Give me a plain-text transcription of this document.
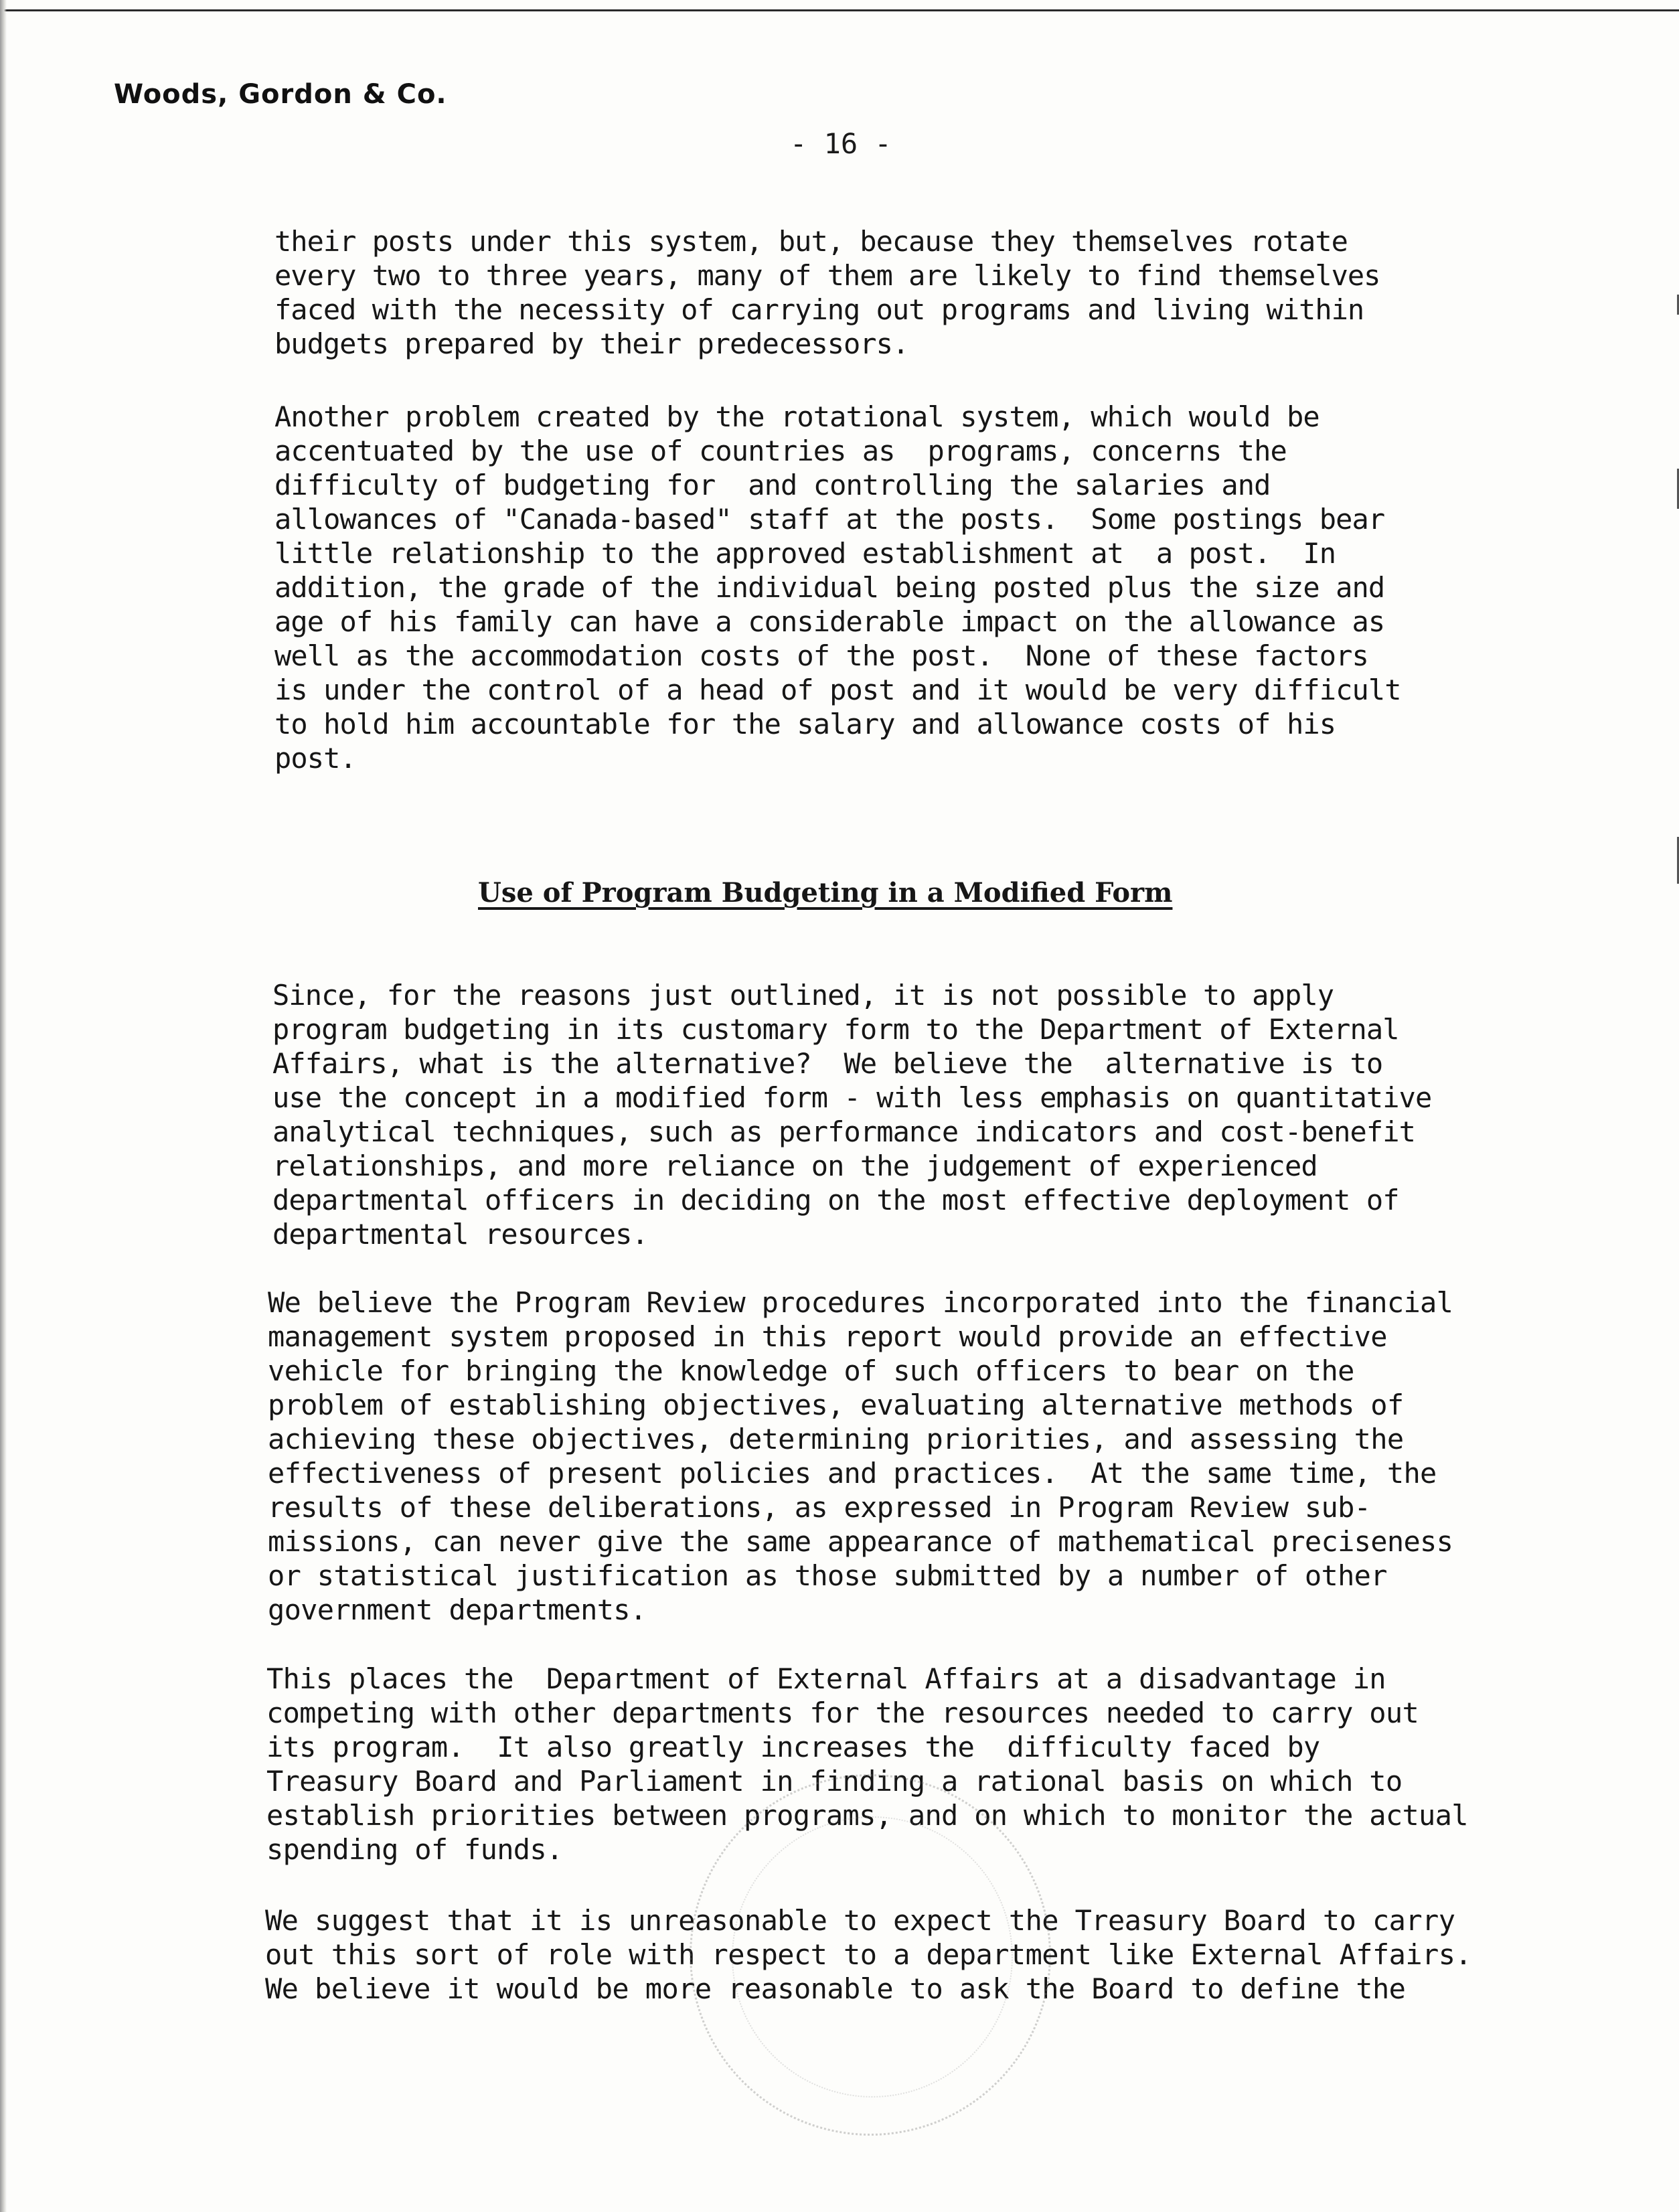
Woods, Gordon & Co.
- 16 -

their posts under this system, but, because they themselves rotate
every two to three years, many of them are likely to find themselves
faced with the necessity of carrying out programs and living within
budgets prepared by their predecessors.

Another problem created by the rotational system, which would be
accentuated by the use of countries as  programs, concerns the
difficulty of budgeting for  and controlling the salaries and
allowances of "Canada-based" staff at the posts.  Some postings bear
little relationship to the approved establishment at  a post.  In
addition, the grade of the individual being posted plus the size and
age of his family can have a considerable impact on the allowance as
well as the accommodation costs of the post.  None of these factors
is under the control of a head of post and it would be very difficult
to hold him accountable for the salary and allowance costs of his
post.

Use of Program Budgeting in a Modified Form

Since, for the reasons just outlined, it is not possible to apply
program budgeting in its customary form to the Department of External
Affairs, what is the alternative?  We believe the  alternative is to
use the concept in a modified form - with less emphasis on quantitative
analytical techniques, such as performance indicators and cost-benefit
relationships, and more reliance on the judgement of experienced
departmental officers in deciding on the most effective deployment of
departmental resources.

We believe the Program Review procedures incorporated into the financial
management system proposed in this report would provide an effective
vehicle for bringing the knowledge of such officers to bear on the
problem of establishing objectives, evaluating alternative methods of
achieving these objectives, determining priorities, and assessing the
effectiveness of present policies and practices.  At the same time, the
results of these deliberations, as expressed in Program Review sub-
missions, can never give the same appearance of mathematical preciseness
or statistical justification as those submitted by a number of other
government departments.

This places the  Department of External Affairs at a disadvantage in
competing with other departments for the resources needed to carry out
its program.  It also greatly increases the  difficulty faced by
Treasury Board and Parliament in finding a rational basis on which to
establish priorities between programs, and on which to monitor the actual
spending of funds.

We suggest that it is unreasonable to expect the Treasury Board to carry
out this sort of role with respect to a department like External Affairs.
We believe it would be more reasonable to ask the Board to define the
